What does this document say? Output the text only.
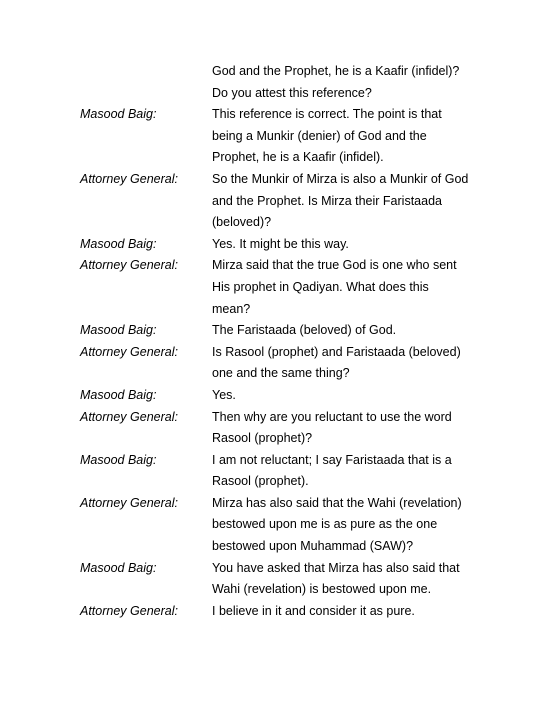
God and the Prophet, he is a Kaafir (infidel)?
Do you attest this reference?
Masood Baig:	This reference is correct. The point is that
being a Munkir (denier) of God and the
Prophet, he is a Kaafir (infidel).
Attorney General:	So the Munkir of Mirza is also a Munkir of God
and the Prophet. Is Mirza their Faristaada
(beloved)?
Masood Baig:	Yes. It might be this way.
Attorney General:	Mirza said that the true God is one who sent
His prophet in Qadiyan. What does this
mean?
Masood Baig:	The Faristaada (beloved) of God.
Attorney General:	Is Rasool (prophet) and Faristaada (beloved)
one and the same thing?
Masood Baig:	Yes.
Attorney General:	Then why are you reluctant to use the word
Rasool (prophet)?
Masood Baig:	I am not reluctant; I say Faristaada that is a
Rasool (prophet).
Attorney General:	Mirza has also said that the Wahi (revelation)
bestowed upon me is as pure as the one
bestowed upon Muhammad (SAW)?
Masood Baig:	You have asked that Mirza has also said that
Wahi (revelation) is bestowed upon me.
Attorney General:	I believe in it and consider it as pure.
